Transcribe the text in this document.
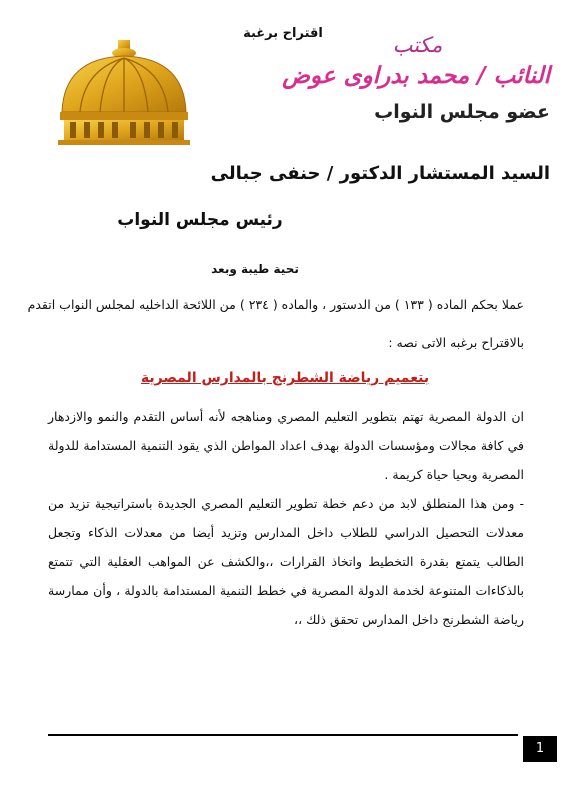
اقتراح برغبة	مكتب
النائب / محمد بدراوى عوض
عضو مجلس النواب
السيد المستشار الدكتور / حنفى جبالى
رئيس مجلس النواب
تحية طيبة وبعد
عملا بحكم الماده ( ١٣٣ ) من الدستور ، والماده ( ٢٣٤ ) من اللائحة الداخليه لمجلس النواب اتقدم
بالاقتراح برغبه الاتى نصه :
بتعميم رياضة الشطرنج بالمدارس المصرية
ان الدولة المصرية تهتم بتطوير التعليم المصري ومناهجه لأنه أساس التقدم والنمو والازدهار
في كافة مجالات ومؤسسات الدولة بهدف اعداد المواطن الذي يقود التنمية المستدامة للدولة
المصرية ويحيا حياة كريمة .
- ومن هذا المنطلق لابد من دعم خطة تطوير التعليم المصري الجديدة باستراتيجية تزيد من
معدلات التحصيل الدراسي للطلاب داخل المدارس وتزيد أيضا من معدلات الذكاء وتجعل
الطالب يتمتع بقدرة التخطيط واتخاذ القرارات ،،والكشف عن المواهب العقلية التي تتمتع
بالذكاءات المتنوعة لخدمة الدولة المصرية في خطط التنمية المستدامة بالدولة ، وأن ممارسة
رياضة الشطرنج داخل المدارس تحقق ذلك ،،
1
